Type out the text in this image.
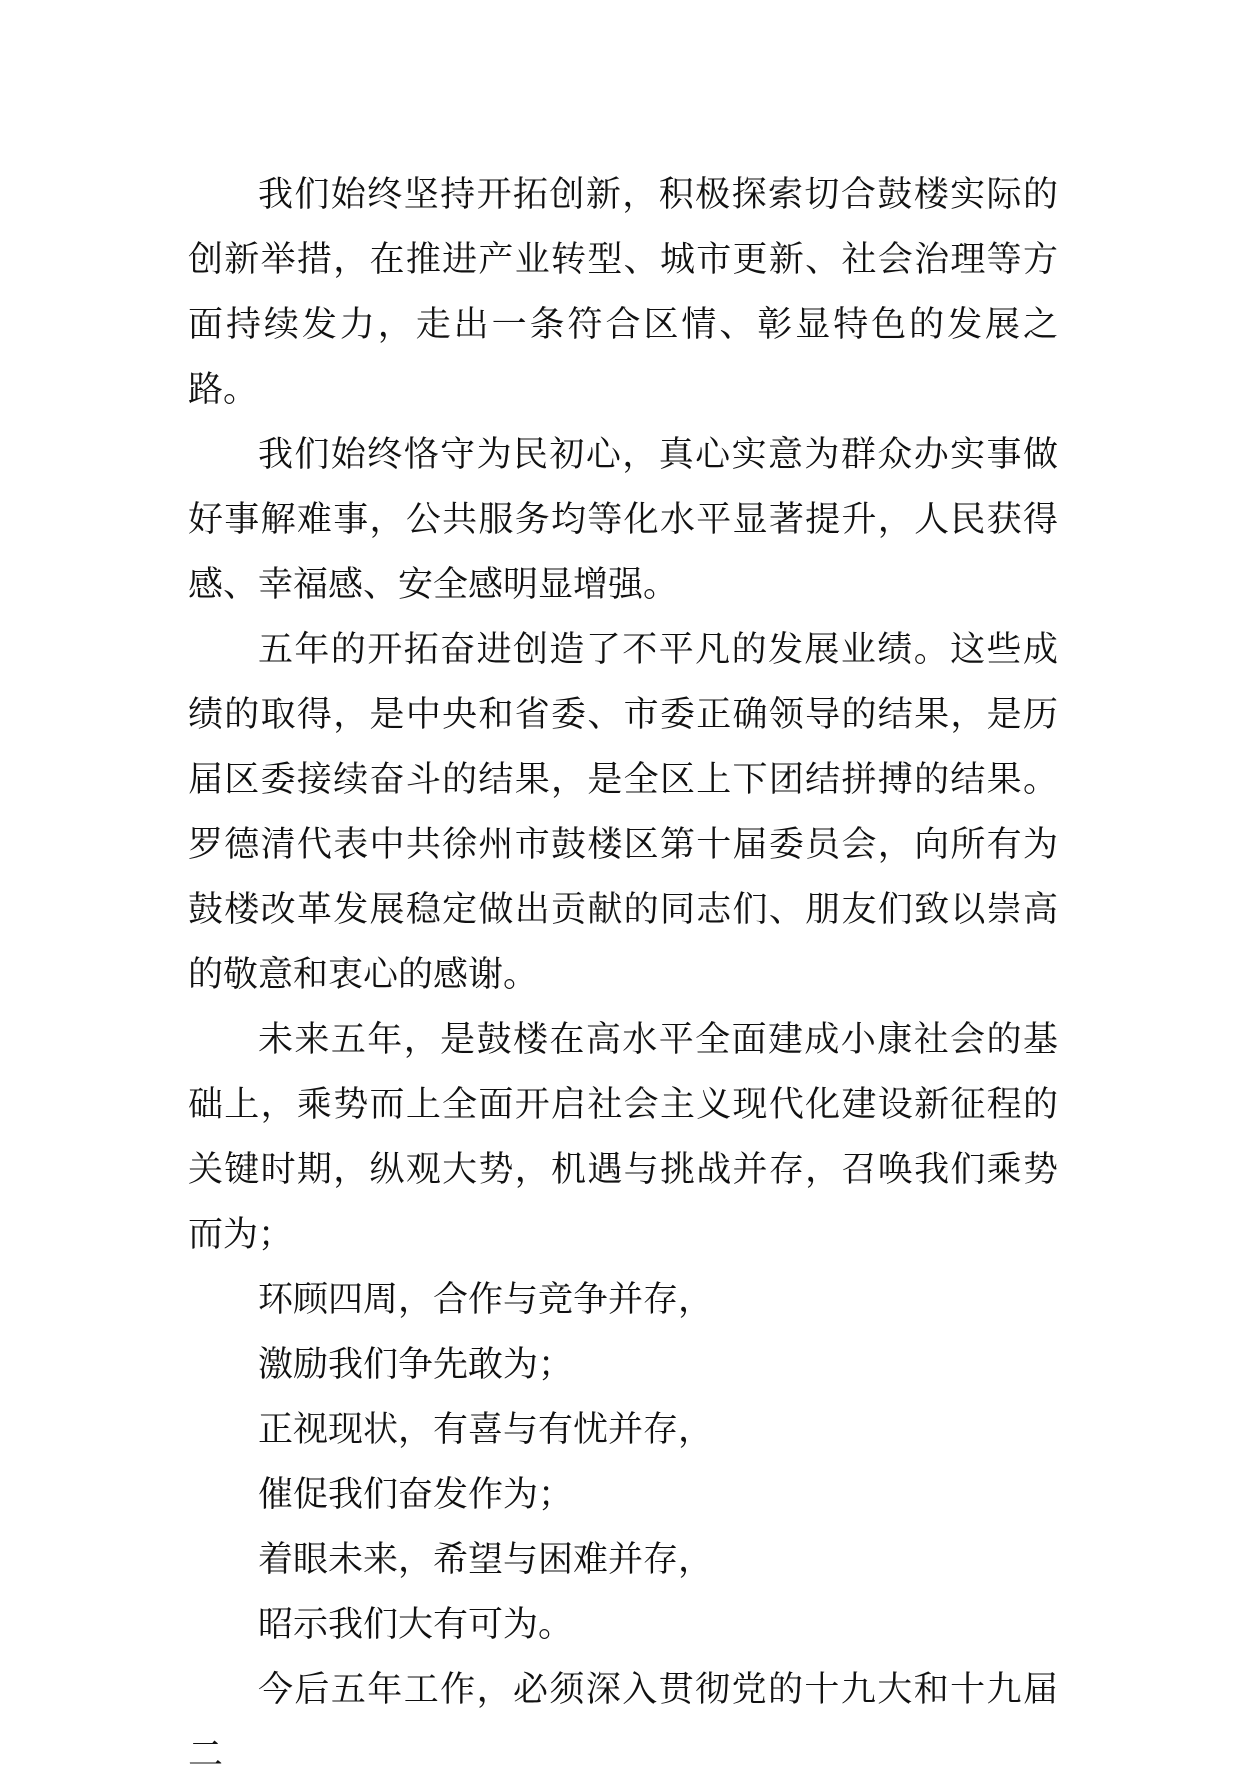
我们始终坚持开拓创新，积极探索切合鼓楼实际的创新举措，在推进产业转型、城市更新、社会治理等方面持续发力，走出一条符合区情、彰显特色的发展之路。

我们始终恪守为民初心，真心实意为群众办实事做好事解难事，公共服务均等化水平显著提升，人民获得感、幸福感、安全感明显增强。

五年的开拓奋进创造了不平凡的发展业绩。这些成绩的取得，是中央和省委、市委正确领导的结果，是历届区委接续奋斗的结果，是全区上下团结拼搏的结果。罗德清代表中共徐州市鼓楼区第十届委员会，向所有为鼓楼改革发展稳定做出贡献的同志们、朋友们致以崇高的敬意和衷心的感谢。

未来五年，是鼓楼在高水平全面建成小康社会的基础上，乘势而上全面开启社会主义现代化建设新征程的关键时期，纵观大势，机遇与挑战并存，召唤我们乘势而为；

环顾四周，合作与竞争并存，

激励我们争先敢为；

正视现状，有喜与有忧并存，

催促我们奋发作为；

着眼未来，希望与困难并存，

昭示我们大有可为。

今后五年工作，必须深入贯彻党的十九大和十九届二
